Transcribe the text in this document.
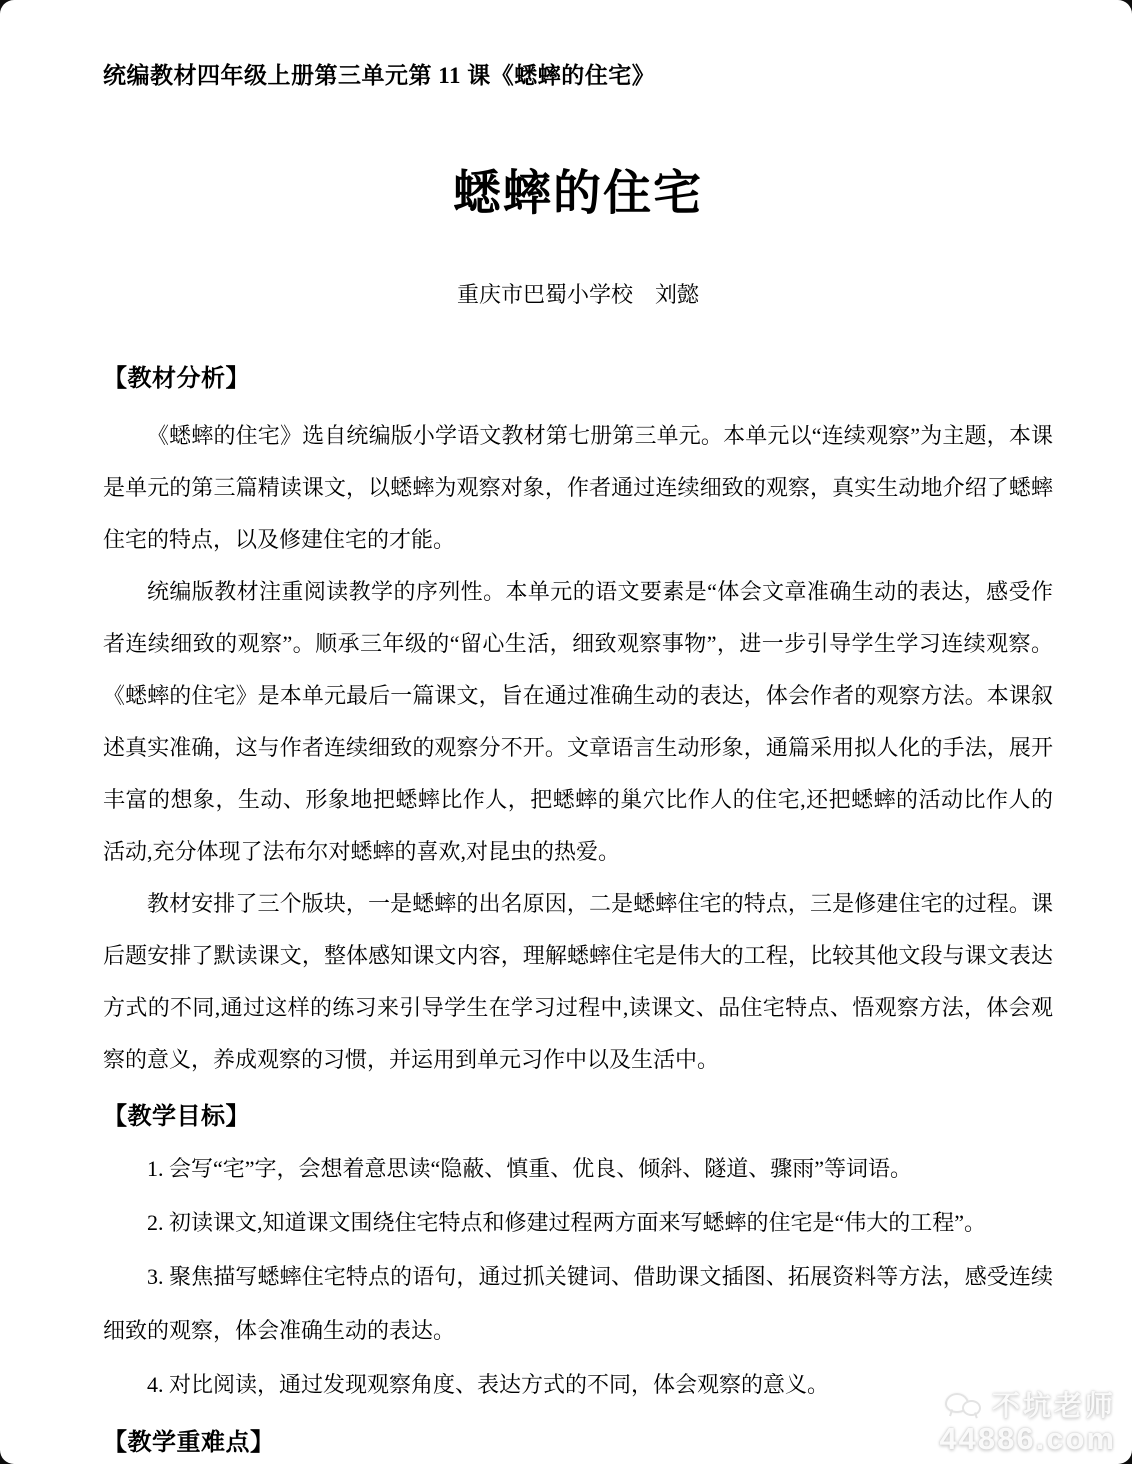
统编教材四年级上册第三单元第 11 课《蟋蟀的住宅》
蟋蟀的住宅
重庆市巴蜀小学校　刘懿
【教材分析】

《蟋蟀的住宅》选自统编版小学语文教材第七册第三单元。本单元以“连续观察”为主题，本课是单元的第三篇精读课文，以蟋蟀为观察对象，作者通过连续细致的观察，真实生动地介绍了蟋蟀住宅的特点，以及修建住宅的才能。

统编版教材注重阅读教学的序列性。本单元的语文要素是“体会文章准确生动的表达，感受作者连续细致的观察”。顺承三年级的“留心生活，细致观察事物”，进一步引导学生学习连续观察。《蟋蟀的住宅》是本单元最后一篇课文，旨在通过准确生动的表达，体会作者的观察方法。本课叙述真实准确，这与作者连续细致的观察分不开。文章语言生动形象，通篇采用拟人化的手法，展开丰富的想象，生动、形象地把蟋蟀比作人，把蟋蟀的巢穴比作人的住宅,还把蟋蟀的活动比作人的活动,充分体现了法布尔对蟋蟀的喜欢,对昆虫的热爱。

教材安排了三个版块，一是蟋蟀的出名原因，二是蟋蟀住宅的特点，三是修建住宅的过程。课后题安排了默读课文，整体感知课文内容，理解蟋蟀住宅是伟大的工程，比较其他文段与课文表达方式的不同,通过这样的练习来引导学生在学习过程中,读课文、品住宅特点、悟观察方法，体会观察的意义，养成观察的习惯，并运用到单元习作中以及生活中。

【教学目标】

1. 会写“宅”字，会想着意思读“隐蔽、慎重、优良、倾斜、隧道、骤雨”等词语。

2. 初读课文,知道课文围绕住宅特点和修建过程两方面来写蟋蟀的住宅是“伟大的工程”。

3. 聚焦描写蟋蟀住宅特点的语句，通过抓关键词、借助课文插图、拓展资料等方法，感受连续细致的观察，体会准确生动的表达。

4. 对比阅读，通过发现观察角度、表达方式的不同，体会观察的意义。

【教学重难点】
不坑老师
44886.com
